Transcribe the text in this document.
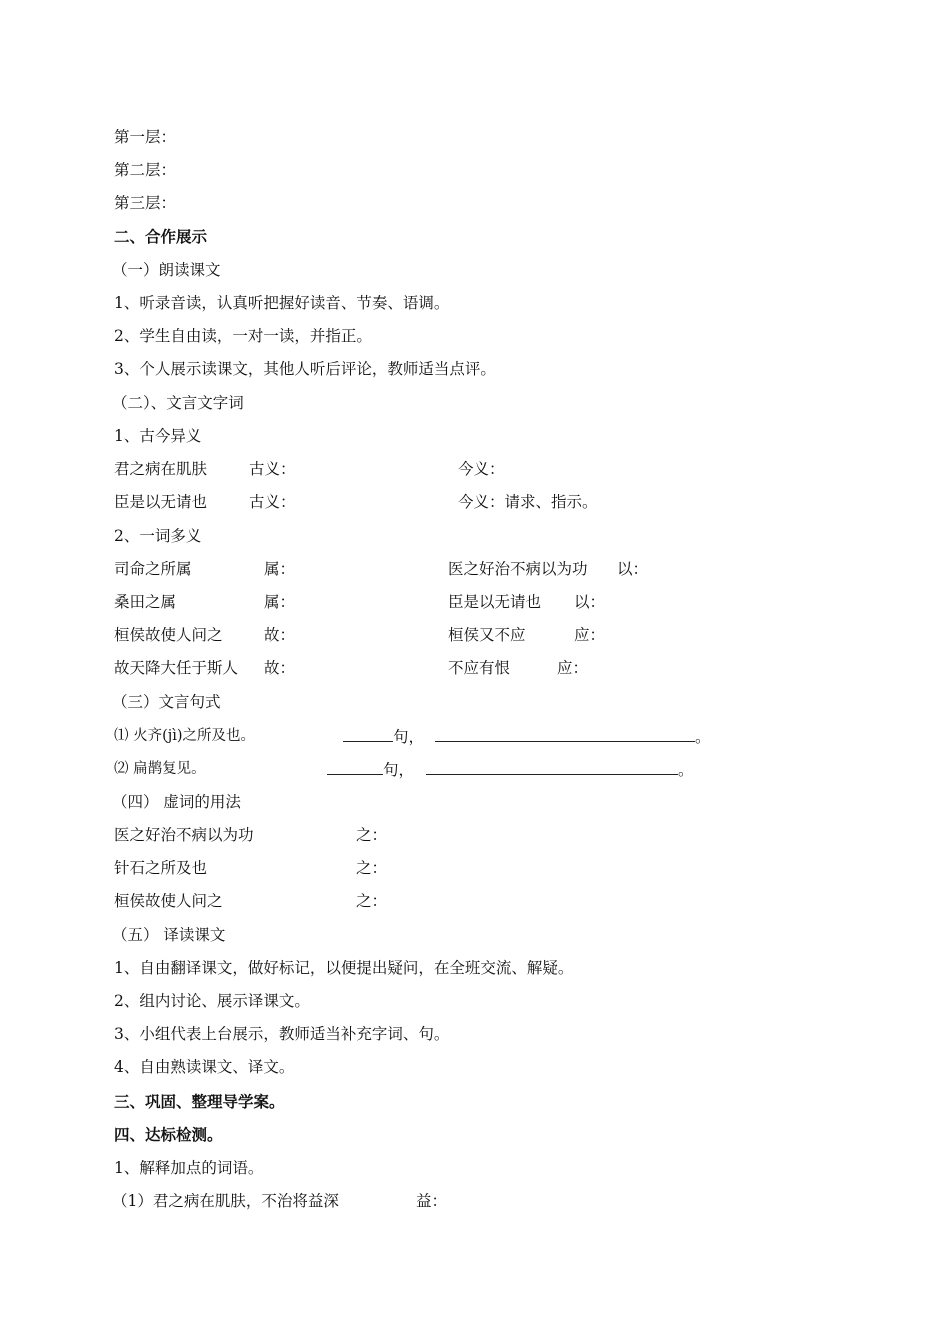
第一层：
第二层：
第三层：
二、合作展示
（一）朗读课文
1、听录音读，认真听把握好读音、节奏、语调。
2、学生自由读，一对一读，并指正。
3、个人展示读课文，其他人听后评论，教师适当点评。
（二）、文言文字词
1、古今异义
君之病在肌肤	古义：	今义：
臣是以无请也	古义：	今义：请求、指示。
2、一词多义
司命之所属	属：	医之好治不病以为功 以：
桑田之属	属：	臣是以无请也 以：
桓侯故使人问之	故：	桓侯又不应	应：
故天降大任于斯人 故：	不应有恨	应：
（三）文言句式
⑴ 火齐(jì)之所及也。	句，	。
⑵ 扁鹊复见。	句，	。
（四） 虚词的用法
医之好治不病以为功	之：
针石之所及也	之：
桓侯故使人问之	之：
（五） 译读课文
1、自由翻译课文，做好标记，以便提出疑问，在全班交流、解疑。
2、组内讨论、展示译课文。
3、小组代表上台展示，教师适当补充字词、句。
4、自由熟读课文、译文。
三、巩固、整理导学案。
四、达标检测。
1、解释加点的词语。
（1）君之病在肌肤，不治将益深	益：
